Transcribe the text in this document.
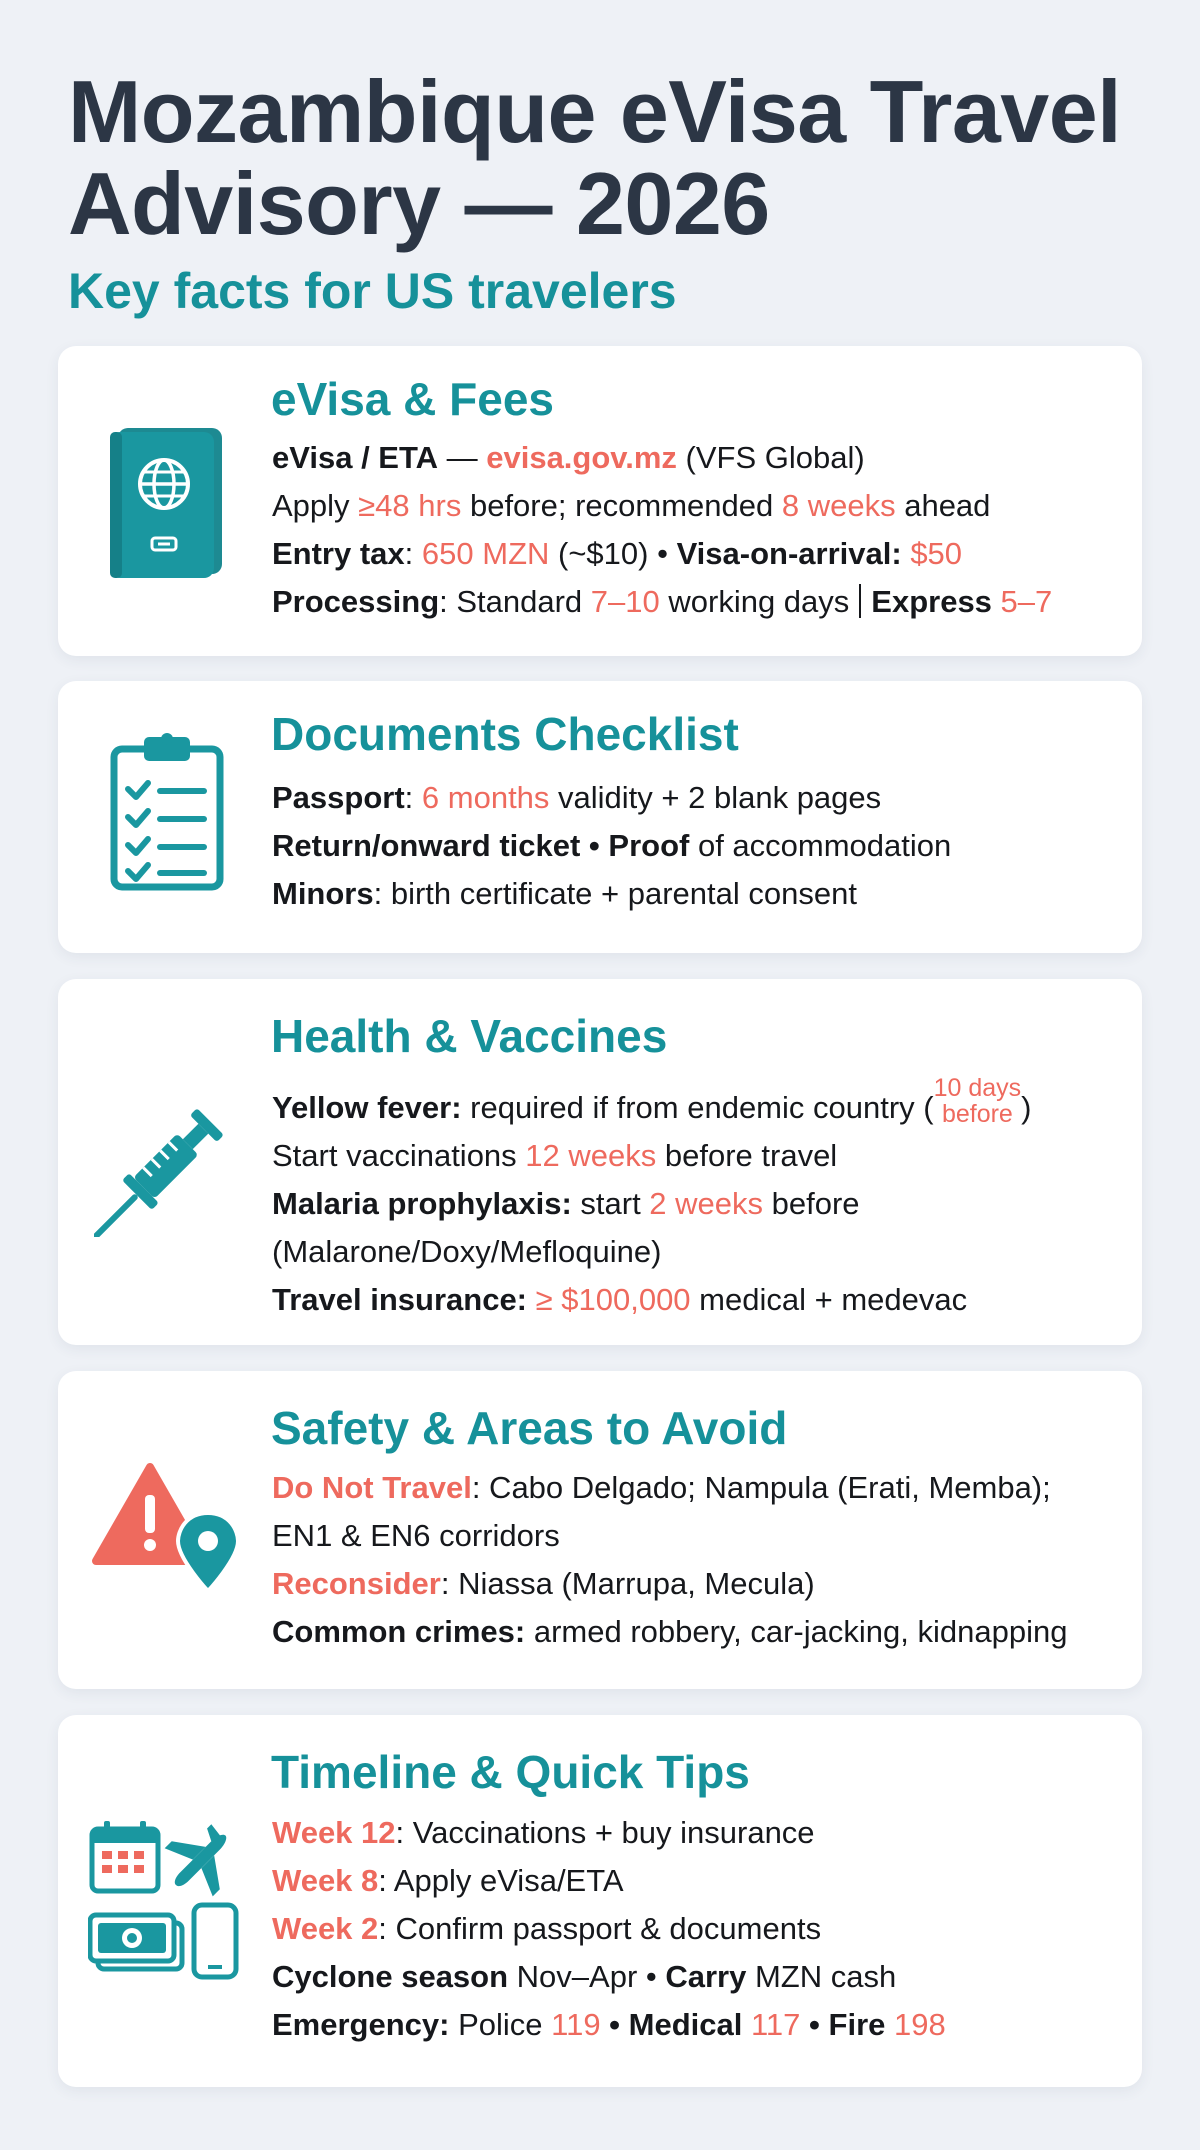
Mozambique eVisa Travel Advisory — 2026

Key facts for US travelers

eVisa & Fees
eVisa / ETA — evisa.gov.mz (VFS Global)
Apply ≥48 hrs before; recommended 8 weeks ahead
Entry tax: 650 MZN (~$10) • Visa-on-arrival: $50
Processing: Standard 7–10 working days Express 5–7
Documents Checklist
Passport: 6 months validity + 2 blank pages
Return/onward ticket • Proof of accommodation
Minors: birth certificate + parental consent
Health & Vaccines
Yellow fever: required if from endemic country (
10 days
before )
Start vaccinations 12 weeks before travel
Malaria prophylaxis: start 2 weeks before
(Malarone/Doxy/Mefloquine)
Travel insurance: ≥ $100,000 medical + medevac
Safety & Areas to Avoid
Do Not Travel: Cabo Delgado; Nampula (Erati, Memba);
EN1 & EN6 corridors
Reconsider: Niassa (Marrupa, Mecula)
Common crimes: armed robbery, car-jacking, kidnapping
Timeline & Quick Tips
Week 12: Vaccinations + buy insurance
Week 8: Apply eVisa/ETA
Week 2: Confirm passport & documents
Cyclone season Nov–Apr • Carry MZN cash
Emergency: Police 119 • Medical 117 • Fire 198
